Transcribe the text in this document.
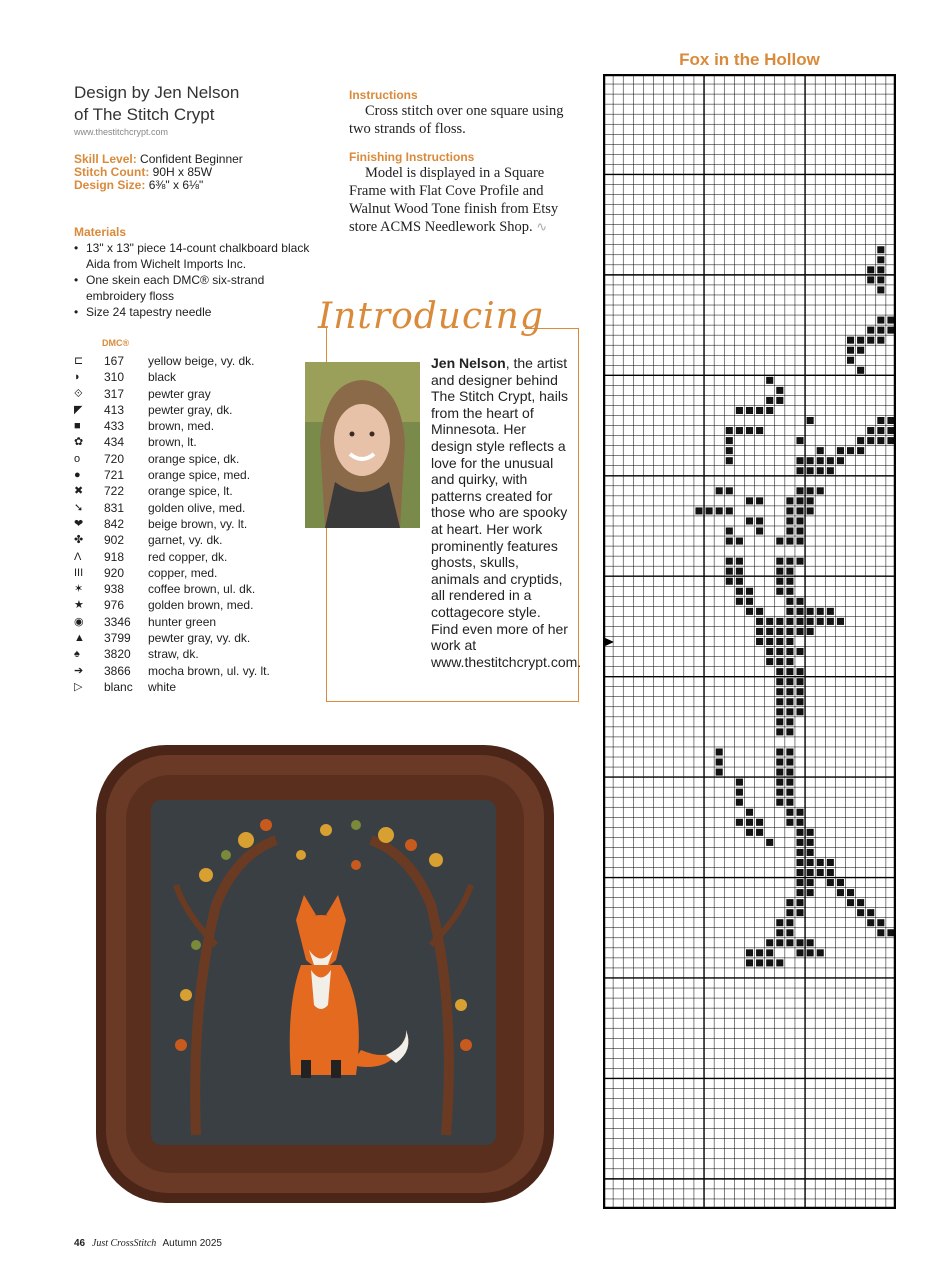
Design by Jen Nelson
of The Stitch Crypt
www.thestitchcrypt.com
Skill Level: Confident Beginner
Stitch Count: 90H x 85W
Design Size: 6⅜" x 6⅛"
Materials
• 13" x 13" piece 14-count chalkboard black Aida from Wichelt Imports Inc.
• One skein each DMC® six-strand embroidery floss
• Size 24 tapestry needle
DMC®
⊏	167	yellow beige, vy. dk.
◗	310	black
⟐	317	pewter gray
◤	413	pewter gray, dk.
■	433	brown, med.
✿	434	brown, lt.
o	720	orange spice, dk.
●	721	orange spice, med.
✖	722	orange spice, lt.
➘	831	golden olive, med.
❤	842	beige brown, vy. lt.
✤	902	garnet, vy. dk.
Λ	918	red copper, dk.
III	920	copper, med.
✶	938	coffee brown, ul. dk.
★	976	golden brown, med.
◉	3346	hunter green
▲	3799	pewter gray, vy. dk.
♠	3820	straw, dk.
➔	3866	mocha brown, ul. vy. lt.
▷	blanc	white
Instructions

Cross stitch over one square using two strands of floss.

Finishing Instructions

Model is displayed in a Square Frame with Flat Cove Profile and Walnut Wood Tone finish from Etsy store ACMS Needlework Shop. ∿

Introducing
Jen Nelson, the artist and designer behind The Stitch Crypt, hails from the heart of Minnesota. Her design style reflects a love for the unusual and quirky, with patterns created for those who are spooky at heart. Her work prominently features ghosts, skulls, animals and cryptids, all rendered in a cottagecore style. Find even more of her work at www.thestitchcrypt.com.
Fox in the Hollow
46 Just CrossStitch Autumn 2025
